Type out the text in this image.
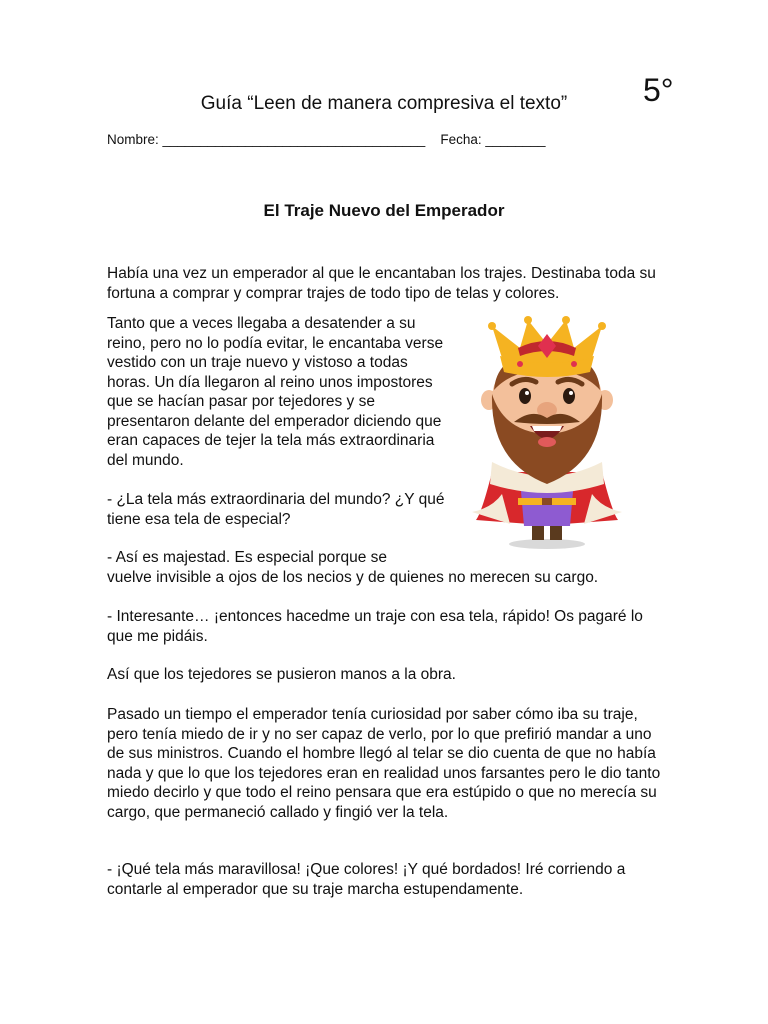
5°
Guía “Leen de manera compresiva el texto”
Nombre: ___________________________________ Fecha: ________
El Traje Nuevo del Emperador

Había una vez un emperador al que le encantaban los trajes. Destinaba toda su fortuna a comprar y comprar trajes de todo tipo de telas y colores.

Tanto que a veces llegaba a desatender a su reino, pero no lo podía evitar, le encantaba verse vestido con un traje nuevo y vistoso a todas horas. Un día llegaron al reino unos impostores que se hacían pasar por tejedores y se presentaron delante del emperador diciendo que eran capaces de tejer la tela más extraordinaria del mundo.

- ¿La tela más extraordinaria del mundo? ¿Y qué tiene esa tela de especial?

- Así es majestad. Es especial porque se
vuelve invisible a ojos de los necios y de quienes no merecen su cargo.

- Interesante… ¡entonces hacedme un traje con esa tela, rápido! Os pagaré lo que me pidáis.

Así que los tejedores se pusieron manos a la obra.

Pasado un tiempo el emperador tenía curiosidad por saber cómo iba su traje, pero tenía miedo de ir y no ser capaz de verlo, por lo que prefirió mandar a uno de sus ministros. Cuando el hombre llegó al telar se dio cuenta de que no había nada y que lo que los tejedores eran en realidad unos farsantes pero le dio tanto miedo decirlo y que todo el reino pensara que era estúpido o que no merecía su cargo, que permaneció callado y fingió ver la tela.

- ¡Qué tela más maravillosa! ¡Que colores! ¡Y qué bordados! Iré corriendo a contarle al emperador que su traje marcha estupendamente.
